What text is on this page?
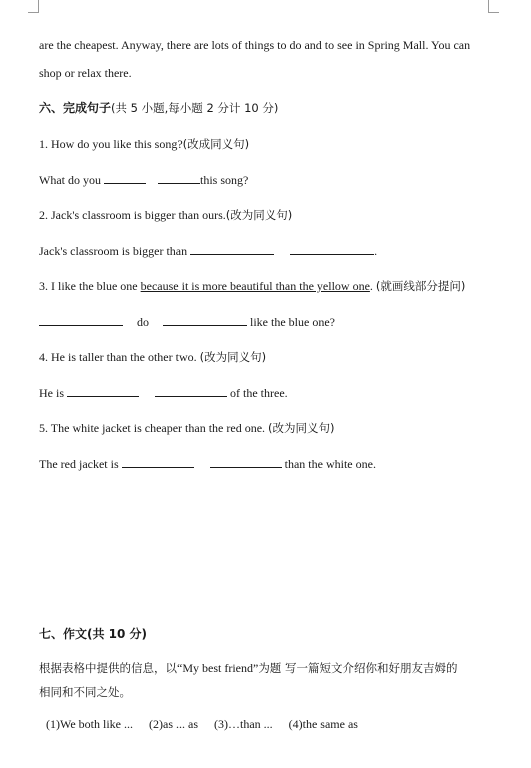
are the cheapest. Anyway, there are lots of things to do and to see in Spring Mall. You can
shop or relax there.
六、完成句子(共 5 小题,每小题 2 分计 10 分)
1. How do you like this song?(改成同义句)
What do you	this song?
2. Jack's classroom is bigger than ours.(改为同义句)
Jack's classroom is bigger than	.
3. I like the blue one because it is more beautiful than the yellow one. (就画线部分提问)
do	like the blue one?
4. He is taller than the other two. (改为同义句)
He is	of the three.
5. The white jacket is cheaper than the red one. (改为同义句)
The red jacket is	than the white one.
七、作文(共 10 分)
根据表格中提供的信息，以“My best friend”为题 写一篇短文介绍你和好朋友吉姆的
相同和不同之处。
(1)We both like ... (2)as ... as (3)…than ... (4)the same as
